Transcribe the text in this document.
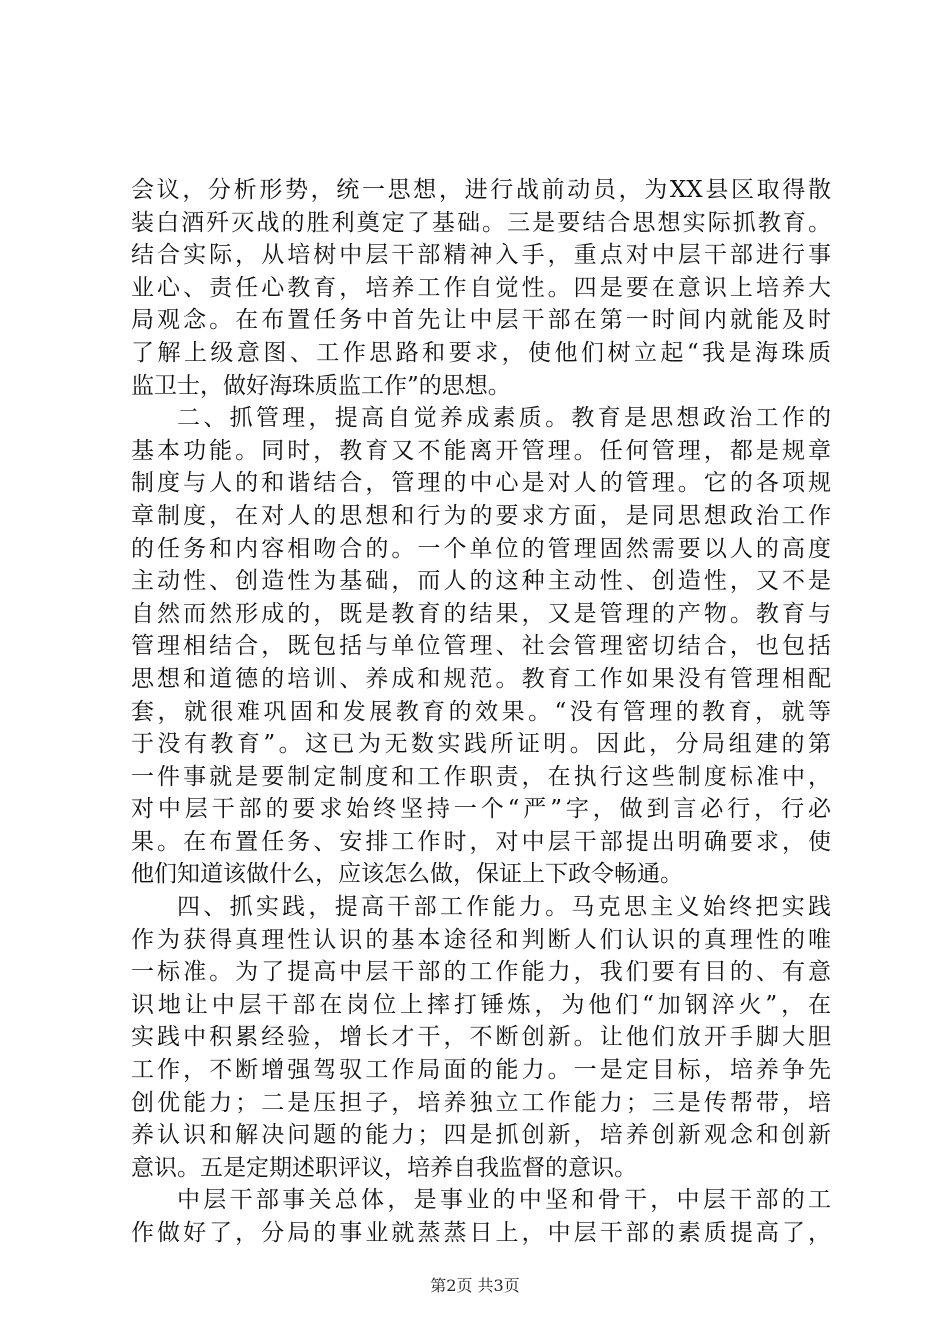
会议，分析形势，统一思想，进行战前动员，为XX县区取得散
装白酒歼灭战的胜利奠定了基础。三是要结合思想实际抓教育。
结合实际，从培树中层干部精神入手，重点对中层干部进行事
业心、责任心教育，培养工作自觉性。四是要在意识上培养大
局观念。在布置任务中首先让中层干部在第一时间内就能及时
了解上级意图、工作思路和要求，使他们树立起“我是海珠质
监卫士，做好海珠质监工作”的思想。
二、抓管理，提高自觉养成素质。教育是思想政治工作的
基本功能。同时，教育又不能离开管理。任何管理，都是规章
制度与人的和谐结合，管理的中心是对人的管理。它的各项规
章制度，在对人的思想和行为的要求方面，是同思想政治工作
的任务和内容相吻合的。一个单位的管理固然需要以人的高度
主动性、创造性为基础，而人的这种主动性、创造性，又不是
自然而然形成的，既是教育的结果，又是管理的产物。教育与
管理相结合，既包括与单位管理、社会管理密切结合，也包括
思想和道德的培训、养成和规范。教育工作如果没有管理相配
套，就很难巩固和发展教育的效果。“没有管理的教育，就等
于没有教育”。这已为无数实践所证明。因此，分局组建的第
一件事就是要制定制度和工作职责，在执行这些制度标准中，
对中层干部的要求始终坚持一个“严”字，做到言必行，行必
果。在布置任务、安排工作时，对中层干部提出明确要求，使
他们知道该做什么，应该怎么做，保证上下政令畅通。
四、抓实践，提高干部工作能力。马克思主义始终把实践
作为获得真理性认识的基本途径和判断人们认识的真理性的唯
一标准。为了提高中层干部的工作能力，我们要有目的、有意
识地让中层干部在岗位上摔打锤炼，为他们“加钢淬火”，在
实践中积累经验，增长才干，不断创新。让他们放开手脚大胆
工作，不断增强驾驭工作局面的能力。一是定目标，培养争先
创优能力；二是压担子，培养独立工作能力；三是传帮带，培
养认识和解决问题的能力；四是抓创新，培养创新观念和创新
意识。五是定期述职评议，培养自我监督的意识。
中层干部事关总体，是事业的中坚和骨干，中层干部的工
作做好了，分局的事业就蒸蒸日上，中层干部的素质提高了，
第2页 共3页
